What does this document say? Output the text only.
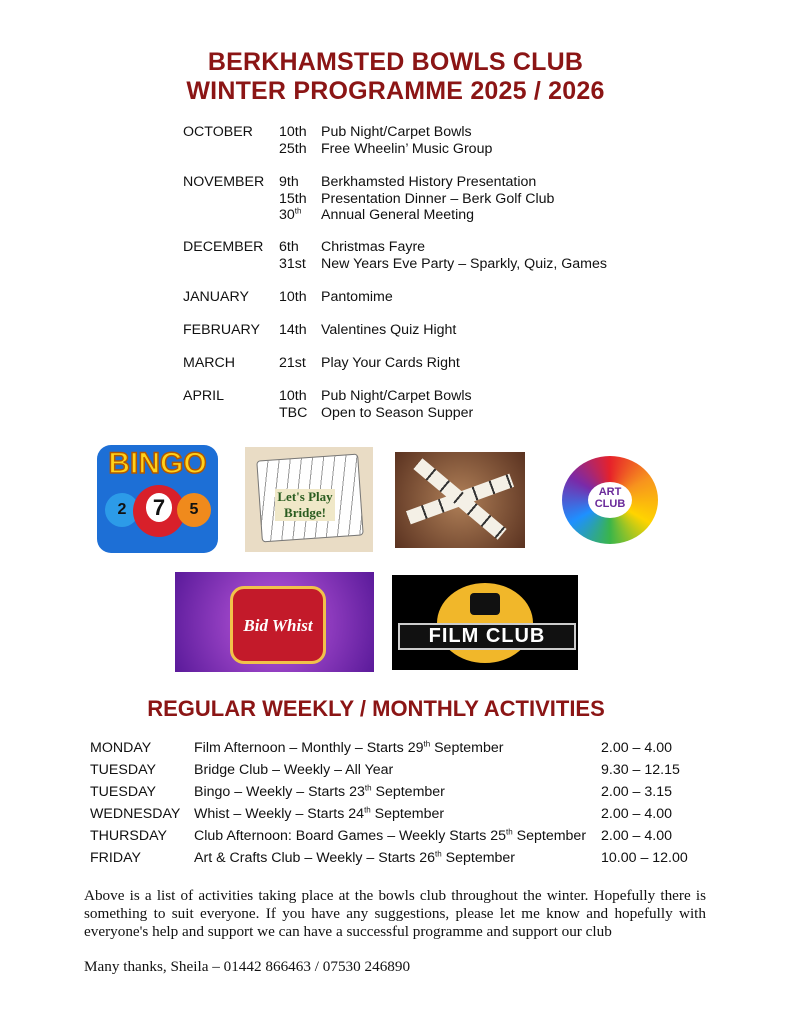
BERKHAMSTED BOWLS CLUB
WINTER PROGRAMME 2025 / 2026
OCTOBER 10th Pub Night/Carpet Bowls
25th Free Wheelin’ Music Group
NOVEMBER 9th Berkhamsted History Presentation
15th Presentation Dinner – Berk Golf Club
30th Annual General Meeting
DECEMBER 6th Christmas Fayre
31st New Years Eve Party – Sparkly, Quiz, Games
JANUARY 10th Pantomime
FEBRUARY 14th Valentines Quiz Hight
MARCH	21st Play Your Cards Right
APRIL	10th Pub Night/Carpet Bowls
TBC Open to Season Supper
BINGO
2	7	5
Let's Play Bridge!
ART CLUB
Bid Whist	FILM CLUB
REGULAR WEEKLY / MONTHLY ACTIVITIES
MONDAY	Film Afternoon – Monthly – Starts 29th September	2.00 – 4.00
TUESDAY	Bridge Club – Weekly – All Year	9.30 – 12.15
TUESDAY	Bingo – Weekly – Starts 23th September	2.00 – 3.15
WEDNESDAY Whist – Weekly – Starts 24th September	2.00 – 4.00
THURSDAY Club Afternoon: Board Games – Weekly Starts 25th September 2.00 – 4.00
FRIDAY	Art & Crafts Club – Weekly – Starts 26th September	10.00 – 12.00
Above is a list of activities taking place at the bowls club throughout the winter. Hopefully there is something to suit everyone. If you have any suggestions, please let me know and hopefully with everyone's help and support we can have a successful programme and support our club
Many thanks, Sheila – 01442 866463 / 07530 246890
